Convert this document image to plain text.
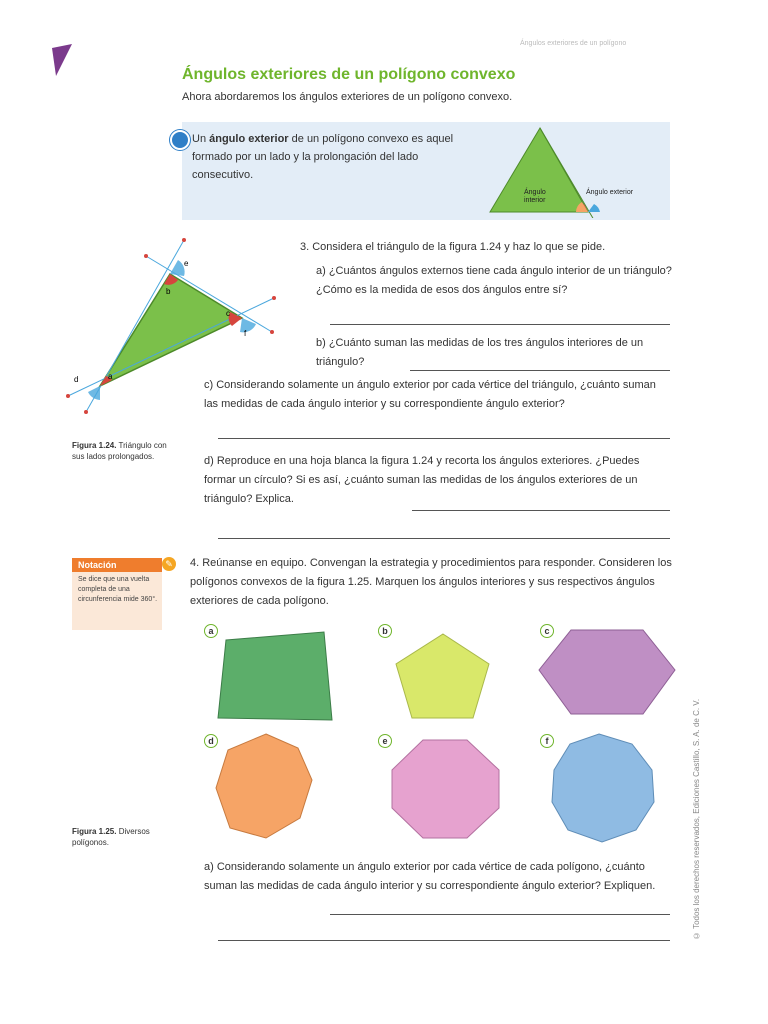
Ángulos exteriores de un polígono
Ángulos exteriores de un polígono convexo
Ahora abordaremos los ángulos exteriores de un polígono convexo.
Un ángulo exterior de un polígono convexo es aquel formado por un lado y la prolongación del lado consecutivo.
Ángulo
interior
Ángulo exterior
e
b
c
f
a
d
Figura 1.24. Triángulo con sus lados prolongados.
3. Considera el triángulo de la figura 1.24 y haz lo que se pide.
a) ¿Cuántos ángulos externos tiene cada ángulo interior de un triángulo? ¿Cómo es la medida de esos dos ángulos entre sí?
b) ¿Cuánto suman las medidas de los tres ángulos interiores de un triángulo?
c) Considerando solamente un ángulo exterior por cada vértice del triángulo, ¿cuánto suman las medidas de cada ángulo interior y su correspondiente ángulo exterior?
d) Reproduce en una hoja blanca la figura 1.24 y recorta los ángulos exteriores. ¿Puedes formar un círculo? Si es así, ¿cuánto suman las medidas de los ángulos exteriores de un triángulo? Explica.
Notación	✎
Se dice que una vuelta completa de una circunferencia mide 360°.
4. Reúnanse en equipo. Convengan la estrategia y procedimientos para responder. Consideren los polígonos convexos de la figura 1.25. Marquen los ángulos interiores y sus respectivos ángulos exteriores de cada polígono.
a	b	c
d	e	f
Figura 1.25. Diversos polígonos.
a) Considerando solamente un ángulo exterior por cada vértice de cada polígono, ¿cuánto suman las medidas de cada ángulo interior y su correspondiente ángulo exterior? Expliquen.	© Todos los derechos reservados, Ediciones Castillo, S. A. de C. V.
